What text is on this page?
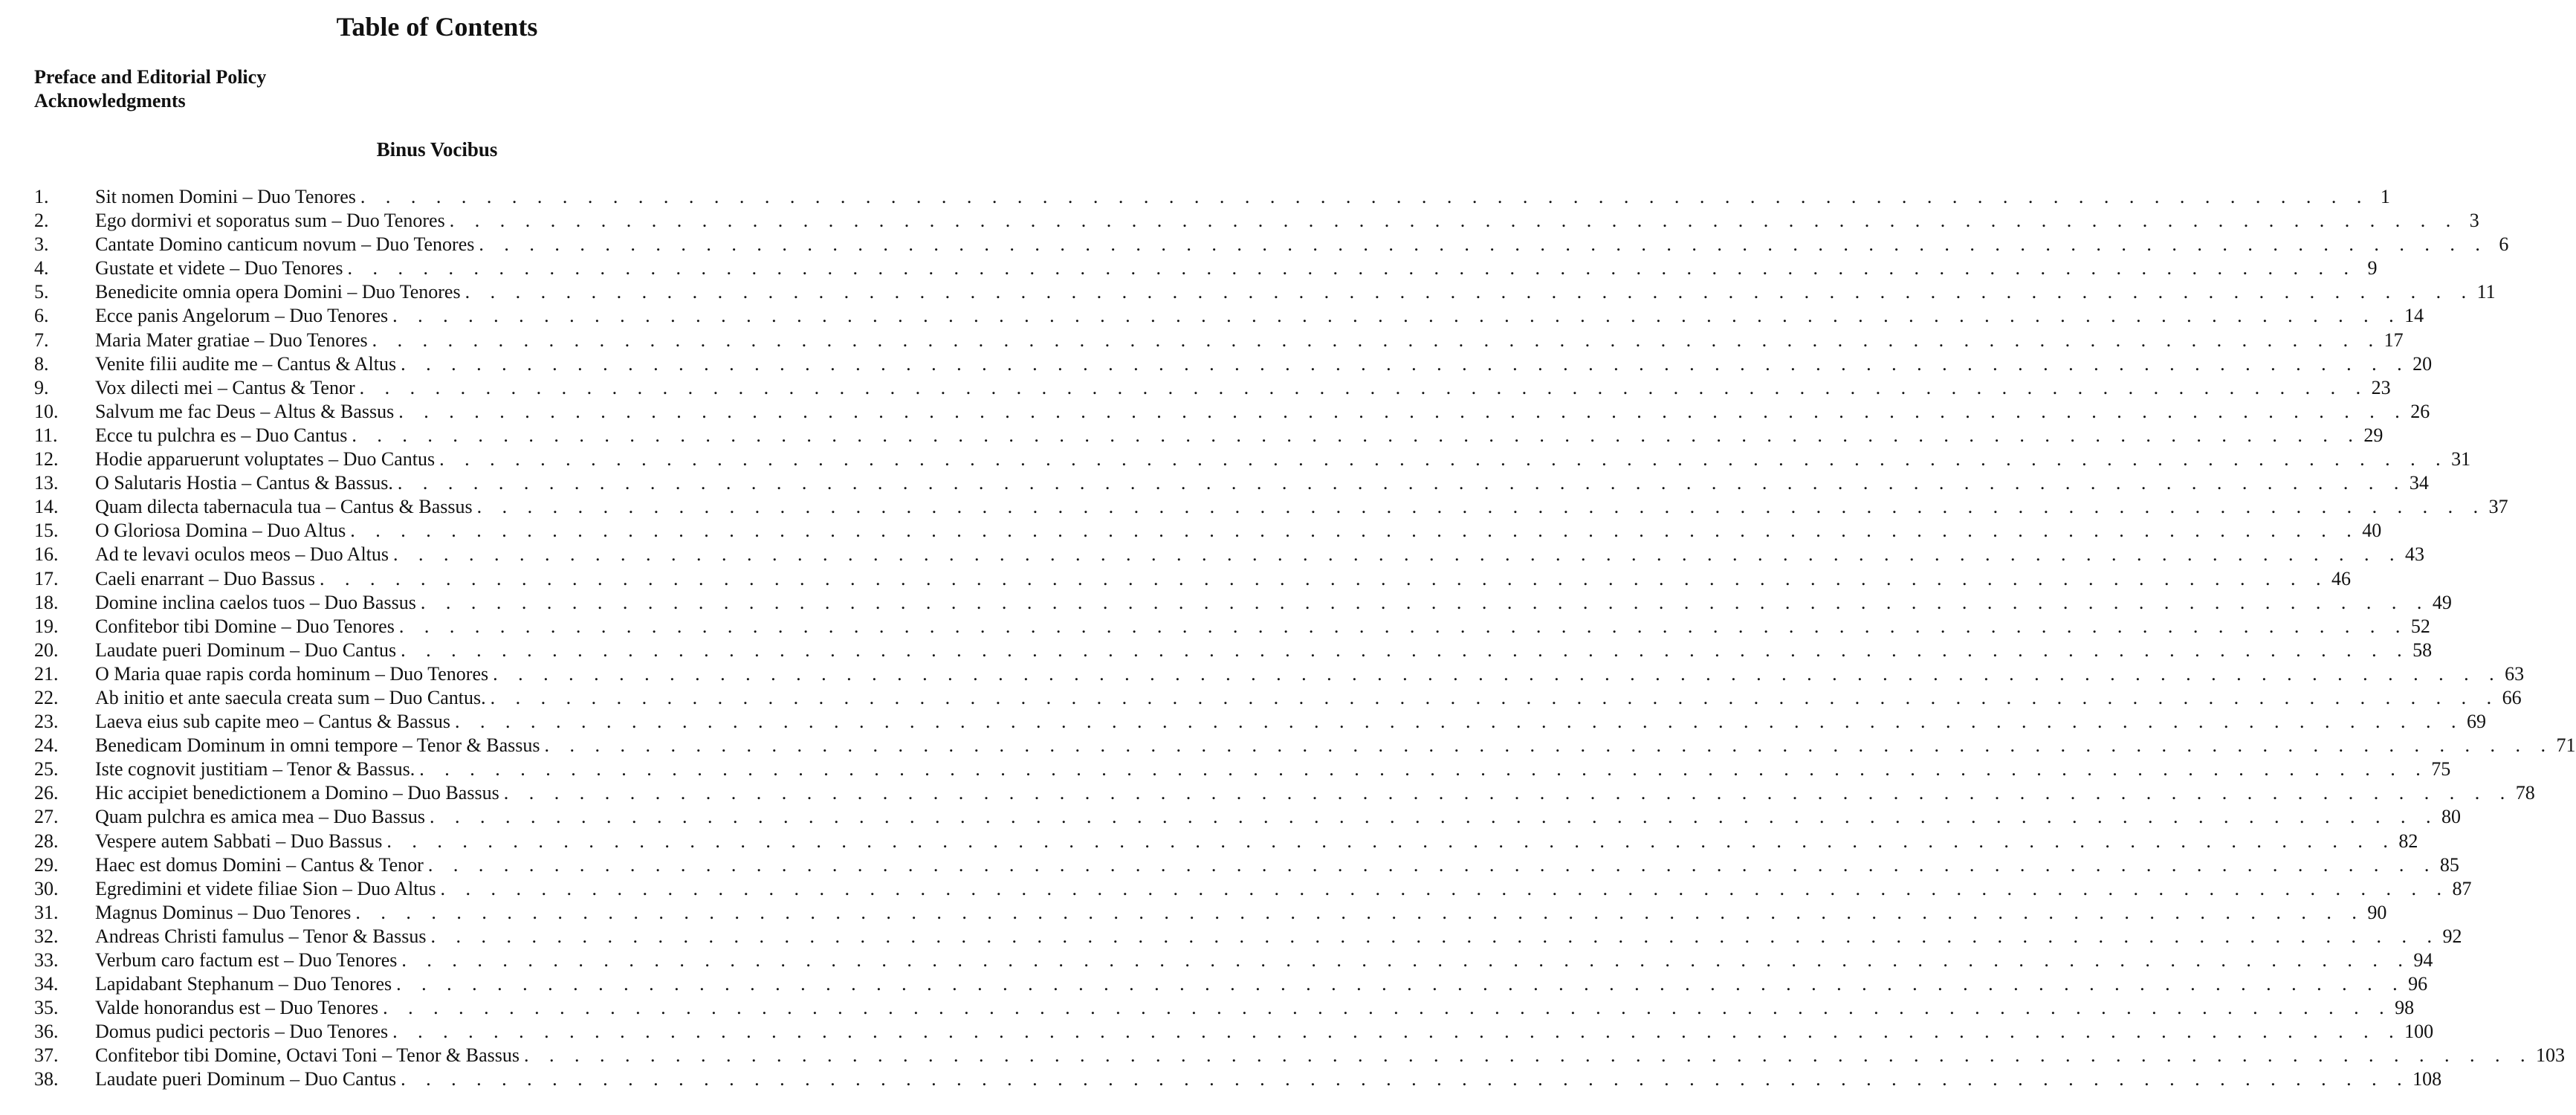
Table of Contents
Preface and Editorial Policy
Acknowledgments
Binus Vocibus
1.	Sit nomen Domini – Duo Tenores . . . . . . . . . . . . . . . . . . . . . . . . . . . . . . . . . . . . . . . . . . . . . . . . . . . . . . . . . . . . . . . . . . . . . . . . . . . . . . . . 1
2.	Ego dormivi et soporatus sum – Duo Tenores . . . . . . . . . . . . . . . . . . . . . . . . . . . . . . . . . . . . . . . . . . . . . . . . . . . . . . . . . . . . . . . . . . . . . . . . . . . . . . . . 3
3.	Cantate Domino canticum novum – Duo Tenores . . . . . . . . . . . . . . . . . . . . . . . . . . . . . . . . . . . . . . . . . . . . . . . . . . . . . . . . . . . . . . . . . . . . . . . . . . . . . . . . 6
4.	Gustate et videte – Duo Tenores . . . . . . . . . . . . . . . . . . . . . . . . . . . . . . . . . . . . . . . . . . . . . . . . . . . . . . . . . . . . . . . . . . . . . . . . . . . . . . . . 9
5.	Benedicite omnia opera Domini – Duo Tenores . . . . . . . . . . . . . . . . . . . . . . . . . . . . . . . . . . . . . . . . . . . . . . . . . . . . . . . . . . . . . . . . . . . . . . . . . . . . . . . . 11
6.	Ecce panis Angelorum – Duo Tenores . . . . . . . . . . . . . . . . . . . . . . . . . . . . . . . . . . . . . . . . . . . . . . . . . . . . . . . . . . . . . . . . . . . . . . . . . . . . . . . . 14
7.	Maria Mater gratiae – Duo Tenores . . . . . . . . . . . . . . . . . . . . . . . . . . . . . . . . . . . . . . . . . . . . . . . . . . . . . . . . . . . . . . . . . . . . . . . . . . . . . . . . 17
8.	Venite filii audite me – Cantus & Altus . . . . . . . . . . . . . . . . . . . . . . . . . . . . . . . . . . . . . . . . . . . . . . . . . . . . . . . . . . . . . . . . . . . . . . . . . . . . . . . . 20
9.	Vox dilecti mei – Cantus & Tenor . . . . . . . . . . . . . . . . . . . . . . . . . . . . . . . . . . . . . . . . . . . . . . . . . . . . . . . . . . . . . . . . . . . . . . . . . . . . . . . . 23
10.	Salvum me fac Deus – Altus & Bassus . . . . . . . . . . . . . . . . . . . . . . . . . . . . . . . . . . . . . . . . . . . . . . . . . . . . . . . . . . . . . . . . . . . . . . . . . . . . . . . . 26
11.	Ecce tu pulchra es – Duo Cantus . . . . . . . . . . . . . . . . . . . . . . . . . . . . . . . . . . . . . . . . . . . . . . . . . . . . . . . . . . . . . . . . . . . . . . . . . . . . . . . . 29
12.	Hodie apparuerunt voluptates – Duo Cantus . . . . . . . . . . . . . . . . . . . . . . . . . . . . . . . . . . . . . . . . . . . . . . . . . . . . . . . . . . . . . . . . . . . . . . . . . . . . . . . . 31
13.	O Salutaris Hostia – Cantus & Bassus. . . . . . . . . . . . . . . . . . . . . . . . . . . . . . . . . . . . . . . . . . . . . . . . . . . . . . . . . . . . . . . . . . . . . . . . . . . . . . . . . 34
14.	Quam dilecta tabernacula tua – Cantus & Bassus . . . . . . . . . . . . . . . . . . . . . . . . . . . . . . . . . . . . . . . . . . . . . . . . . . . . . . . . . . . . . . . . . . . . . . . . . . . . . . . . 37
15.	O Gloriosa Domina – Duo Altus . . . . . . . . . . . . . . . . . . . . . . . . . . . . . . . . . . . . . . . . . . . . . . . . . . . . . . . . . . . . . . . . . . . . . . . . . . . . . . . . 40
16.	Ad te levavi oculos meos – Duo Altus . . . . . . . . . . . . . . . . . . . . . . . . . . . . . . . . . . . . . . . . . . . . . . . . . . . . . . . . . . . . . . . . . . . . . . . . . . . . . . . . 43
17.	Caeli enarrant – Duo Bassus . . . . . . . . . . . . . . . . . . . . . . . . . . . . . . . . . . . . . . . . . . . . . . . . . . . . . . . . . . . . . . . . . . . . . . . . . . . . . . . . 46
18.	Domine inclina caelos tuos – Duo Bassus . . . . . . . . . . . . . . . . . . . . . . . . . . . . . . . . . . . . . . . . . . . . . . . . . . . . . . . . . . . . . . . . . . . . . . . . . . . . . . . . 49
19.	Confitebor tibi Domine – Duo Tenores . . . . . . . . . . . . . . . . . . . . . . . . . . . . . . . . . . . . . . . . . . . . . . . . . . . . . . . . . . . . . . . . . . . . . . . . . . . . . . . . 52
20.	Laudate pueri Dominum – Duo Cantus . . . . . . . . . . . . . . . . . . . . . . . . . . . . . . . . . . . . . . . . . . . . . . . . . . . . . . . . . . . . . . . . . . . . . . . . . . . . . . . . 58
21.	O Maria quae rapis corda hominum – Duo Tenores . . . . . . . . . . . . . . . . . . . . . . . . . . . . . . . . . . . . . . . . . . . . . . . . . . . . . . . . . . . . . . . . . . . . . . . . . . . . . . . . 63
22.	Ab initio et ante saecula creata sum – Duo Cantus. . . . . . . . . . . . . . . . . . . . . . . . . . . . . . . . . . . . . . . . . . . . . . . . . . . . . . . . . . . . . . . . . . . . . . . . . . . . . . . . . 66
23.	Laeva eius sub capite meo – Cantus & Bassus . . . . . . . . . . . . . . . . . . . . . . . . . . . . . . . . . . . . . . . . . . . . . . . . . . . . . . . . . . . . . . . . . . . . . . . . . . . . . . . . 69
24.	Benedicam Dominum in omni tempore – Tenor & Bassus . . . . . . . . . . . . . . . . . . . . . . . . . . . . . . . . . . . . . . . . . . . . . . . . . . . . . . . . . . . . . . . . . . . . . . . . . . . . . . . . 71
25.	Iste cognovit justitiam – Tenor & Bassus. . . . . . . . . . . . . . . . . . . . . . . . . . . . . . . . . . . . . . . . . . . . . . . . . . . . . . . . . . . . . . . . . . . . . . . . . . . . . . . . . 75
26.	Hic accipiet benedictionem a Domino – Duo Bassus . . . . . . . . . . . . . . . . . . . . . . . . . . . . . . . . . . . . . . . . . . . . . . . . . . . . . . . . . . . . . . . . . . . . . . . . . . . . . . . . 78
27.	Quam pulchra es amica mea – Duo Bassus . . . . . . . . . . . . . . . . . . . . . . . . . . . . . . . . . . . . . . . . . . . . . . . . . . . . . . . . . . . . . . . . . . . . . . . . . . . . . . . . 80
28.	Vespere autem Sabbati – Duo Bassus . . . . . . . . . . . . . . . . . . . . . . . . . . . . . . . . . . . . . . . . . . . . . . . . . . . . . . . . . . . . . . . . . . . . . . . . . . . . . . . . 82
29.	Haec est domus Domini – Cantus & Tenor . . . . . . . . . . . . . . . . . . . . . . . . . . . . . . . . . . . . . . . . . . . . . . . . . . . . . . . . . . . . . . . . . . . . . . . . . . . . . . . . 85
30.	Egredimini et videte filiae Sion – Duo Altus . . . . . . . . . . . . . . . . . . . . . . . . . . . . . . . . . . . . . . . . . . . . . . . . . . . . . . . . . . . . . . . . . . . . . . . . . . . . . . . . 87
31.	Magnus Dominus – Duo Tenores . . . . . . . . . . . . . . . . . . . . . . . . . . . . . . . . . . . . . . . . . . . . . . . . . . . . . . . . . . . . . . . . . . . . . . . . . . . . . . . . 90
32.	Andreas Christi famulus – Tenor & Bassus . . . . . . . . . . . . . . . . . . . . . . . . . . . . . . . . . . . . . . . . . . . . . . . . . . . . . . . . . . . . . . . . . . . . . . . . . . . . . . . . 92
33.	Verbum caro factum est – Duo Tenores . . . . . . . . . . . . . . . . . . . . . . . . . . . . . . . . . . . . . . . . . . . . . . . . . . . . . . . . . . . . . . . . . . . . . . . . . . . . . . . . 94
34.	Lapidabant Stephanum – Duo Tenores . . . . . . . . . . . . . . . . . . . . . . . . . . . . . . . . . . . . . . . . . . . . . . . . . . . . . . . . . . . . . . . . . . . . . . . . . . . . . . . . 96
35.	Valde honorandus est – Duo Tenores . . . . . . . . . . . . . . . . . . . . . . . . . . . . . . . . . . . . . . . . . . . . . . . . . . . . . . . . . . . . . . . . . . . . . . . . . . . . . . . . 98
36.	Domus pudici pectoris – Duo Tenores . . . . . . . . . . . . . . . . . . . . . . . . . . . . . . . . . . . . . . . . . . . . . . . . . . . . . . . . . . . . . . . . . . . . . . . . . . . . . . . . 100
37.	Confitebor tibi Domine, Octavi Toni – Tenor & Bassus . . . . . . . . . . . . . . . . . . . . . . . . . . . . . . . . . . . . . . . . . . . . . . . . . . . . . . . . . . . . . . . . . . . . . . . . . . . . . . . . 103
38.	Laudate pueri Dominum – Duo Cantus . . . . . . . . . . . . . . . . . . . . . . . . . . . . . . . . . . . . . . . . . . . . . . . . . . . . . . . . . . . . . . . . . . . . . . . . . . . . . . . . 108
